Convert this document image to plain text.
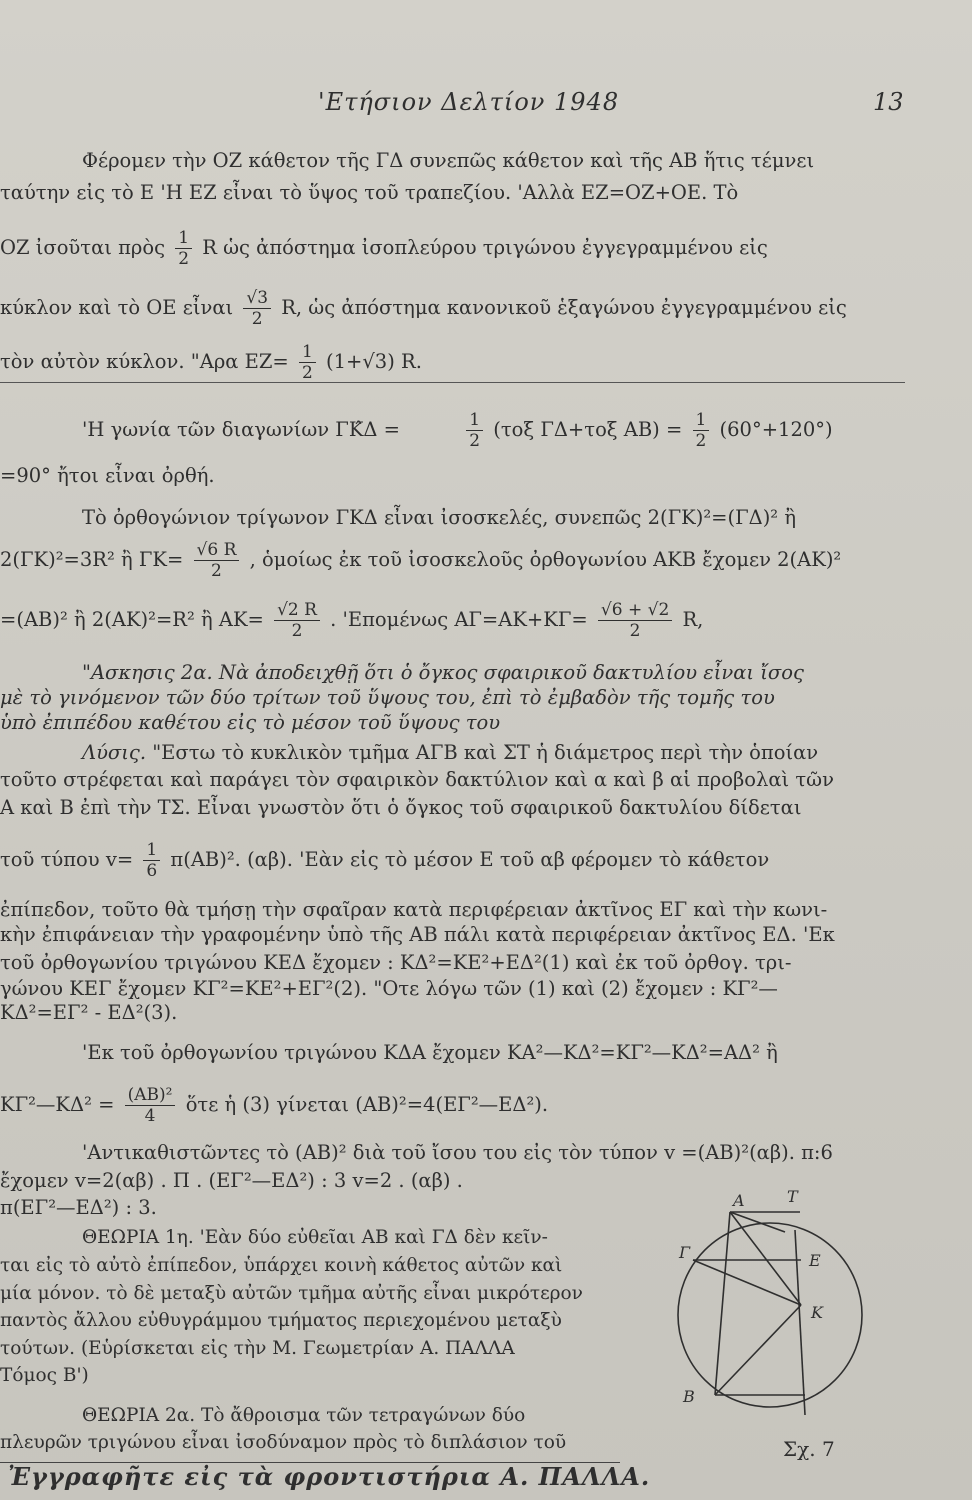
'Ετήσιον Δελτίον 1948	13
Φέρομεν τὴν ΟΖ κάθετον τῆς ΓΔ συνεπῶς κάθετον καὶ τῆς ΑΒ ἥτις τέμνει
ταύτην εἰς τὸ Ε 'Η ΕΖ εἶναι τὸ ὕψος τοῦ τραπεζίου. 'Αλλὰ ΕΖ=ΟΖ+ΟΕ. Τὸ
ΟΖ ἰσοῦται πρὸς $\frac{1}{2}$ R ὡς ἀπόστημα ἰσοπλεύρου τριγώνου ἐγγεγραμμένου εἰς
κύκλον καὶ τὸ ΟΕ εἶναι $\frac{√3}{2} R$, ὡς ἀπόστημα κανονικοῦ ἑξαγώνου ἐγγεγραμμένου εἰς
τὸν αὐτὸν κύκλον. "Αρα $EZ= \frac{1}{2} (1+√3)$ R.
'Η γωνία τῶν διαγωνίων ΓΚ̂Δ =	$\frac{1}{2} (\tau o\xi$ ΓΔ+τοξ $AB) = \frac{1}{2} (60^\circ+120^\circ)$
=90° ἤτοι εἶναι ὀρθή.
Τὸ ὀρθογώνιον τρίγωνον ΓΚΔ εἶναι ἰσοσκελές, συνεπῶς 2(ΓΚ)²=(ΓΔ)² ἢ
2(ΓΚ)²=3R² ἢ $\Gamma K= \frac{√6 R}{2}$ , ὁμοίως ἐκ τοῦ ἰσοσκελοῦς ὀρθογωνίου ΑΚΒ ἔχομεν 2(ΑΚ)²
=(ΑΒ)² ἢ 2(ΑΚ)²=R² ἢ $AK= \frac{√2 R}{2}$ . 'Επομένως $A\Gamma=AK+K\Gamma= \frac{√6 + √2}{2} R$,
"Ασκησις 2α. Νὰ ἀποδειχθῇ ὅτι ὁ ὄγκος σφαιρικοῦ δακτυλίου εἶναι ἴσος
μὲ τὸ γινόμενον τῶν δύο τρίτων τοῦ ὕψους του, ἐπὶ τὸ ἐμβαδὸν τῆς τομῆς του
ὑπὸ ἐπιπέδου καθέτου εἰς τὸ μέσον τοῦ ὕψους του
Λύσις. "Εστω τὸ κυκλικὸν τμῆμα ΑΓΒ καὶ ΣΤ ἡ διάμετρος περὶ τὴν ὁποίαν
τοῦτο στρέφεται καὶ παράγει τὸν σφαιρικὸν δακτύλιον καὶ α καὶ β αἱ προβολαὶ τῶν
Α καὶ Β ἐπὶ τὴν ΤΣ. Εἶναι γνωστὸν ὅτι ὁ ὄγκος τοῦ σφαιρικοῦ δακτυλίου δίδεται
τοῦ τύπου $v= \frac{1}{6} \pi(AB)^2$. (αβ). 'Εὰν εἰς τὸ μέσον Ε τοῦ αβ φέρομεν τὸ κάθετον
ἐπίπεδον, τοῦτο θὰ τμήσῃ τὴν σφαῖραν κατὰ περιφέρειαν ἀκτῖνος ΕΓ καὶ τὴν κωνι-
κὴν ἐπιφάνειαν τὴν γραφομένην ὑπὸ τῆς ΑΒ πάλι κατὰ περιφέρειαν ἀκτῖνος ΕΔ. 'Εκ
τοῦ ὀρθογωνίου τριγώνου ΚΕΔ ἔχομεν : ΚΔ²=ΚΕ²+ΕΔ²(1) καὶ ἐκ τοῦ ὀρθογ. τρι-
γώνου ΚΕΓ ἔχομεν ΚΓ²=ΚΕ²+ΕΓ²(2). "Οτε λόγω τῶν (1) καὶ (2) ἔχομεν : ΚΓ²—
ΚΔ²=ΕΓ² - ΕΔ²(3).
'Εκ τοῦ ὀρθογωνίου τριγώνου ΚΔΑ ἔχομεν ΚΑ²—ΚΔ²=ΚΓ²—ΚΔ²=ΑΔ² ἢ
ΚΓ²—ΚΔ² = $\frac{\text{(ΑΒ)²}}{4}$ ὅτε ἡ (3) γίνεται (ΑΒ)²=4(ΕΓ²—ΕΔ²).
'Αντικαθιστῶντες τὸ (ΑΒ)² διὰ τοῦ ἴσου του εἰς τὸν τύπον v =(ΑΒ)²(αβ). π:6
ἔχομεν v=2(αβ) . Π . (ΕΓ²—ΕΔ²) : 3 v=2 . (αβ) .
π(ΕΓ²—ΕΔ²) : 3.
ΘΕΩΡΙΑ 1η. 'Εὰν δύο εὐθεῖαι ΑΒ καὶ ΓΔ δὲν κεῖν-
ται εἰς τὸ αὐτὸ ἐπίπεδον, ὑπάρχει κοινὴ κάθετος αὐτῶν καὶ
μία μόνον. τὸ δὲ μεταξὺ αὐτῶν τμῆμα αὐτῆς εἶναι μικρότερον
παντὸς ἄλλου εὐθυγράμμου τμήματος περιεχομένου μεταξὺ
τούτων. (Εὑρίσκεται εἰς τὴν Μ. Γεωμετρίαν Α. ΠΑΛΛΑ
Τόμος Β')
ΘΕΩΡΙΑ 2α. Τὸ ἄθροισμα τῶν τετραγώνων δύο
πλευρῶν τριγώνου εἶναι ἰσοδύναμον πρὸς τὸ διπλάσιον τοῦ
A	T
Γ	E
B
K
Σχ. 7
Ἐγγραφῆτε εἰς τὰ φροντιστήρια Α. ΠΑΛΛΑ.
